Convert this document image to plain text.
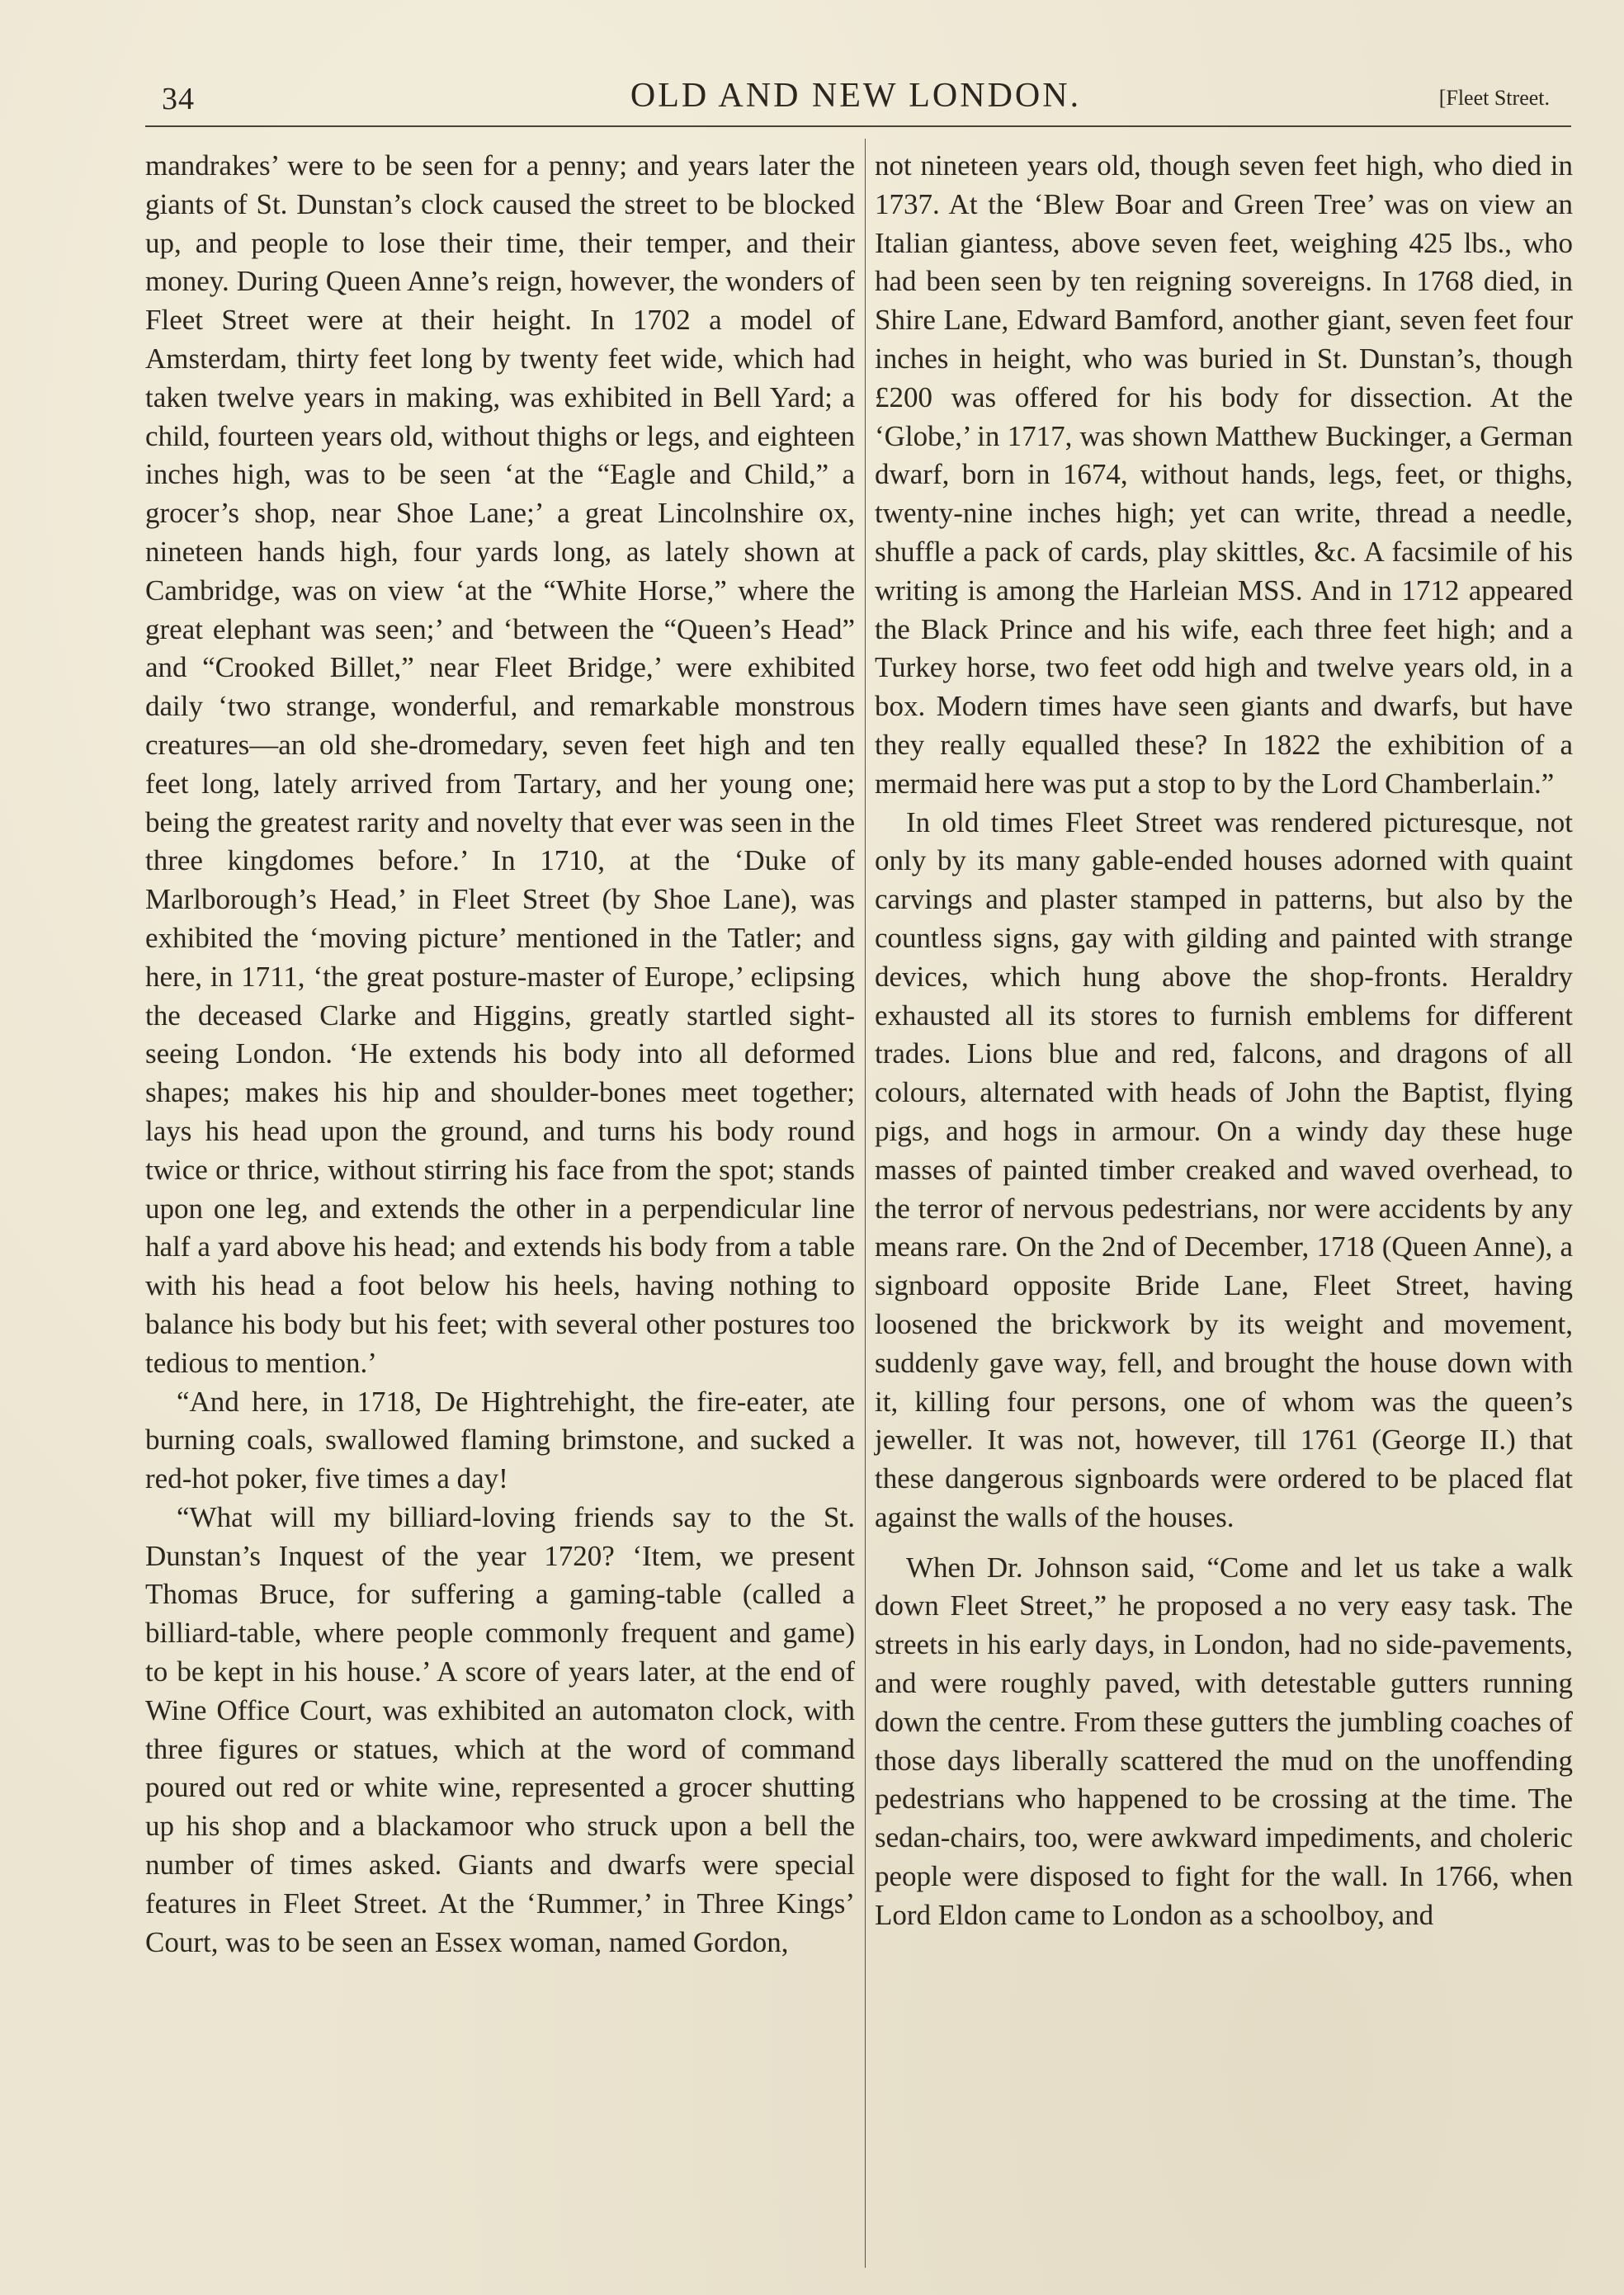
34	OLD AND NEW LONDON.	[Fleet Street.

mandrakes’ were to be seen for a penny; and years later the giants of St. Dunstan’s clock caused the street to be blocked up, and people to lose their time, their temper, and their money. During Queen Anne’s reign, however, the wonders of Fleet Street were at their height. In 1702 a model of Amsterdam, thirty feet long by twenty feet wide, which had taken twelve years in making, was exhibited in Bell Yard; a child, fourteen years old, without thighs or legs, and eighteen inches high, was to be seen ‘at the “Eagle and Child,” a grocer’s shop, near Shoe Lane;’ a great Lincolnshire ox, nineteen hands high, four yards long, as lately shown at Cambridge, was on view ‘at the “White Horse,” where the great elephant was seen;’ and ‘between the “Queen’s Head” and “Crooked Billet,” near Fleet Bridge,’ were exhibited daily ‘two strange, wonderful, and remarkable monstrous creatures—an old she-dromedary, seven feet high and ten feet long, lately arrived from Tartary, and her young one; being the greatest rarity and novelty that ever was seen in the three kingdomes before.’ In 1710, at the ‘Duke of Marlborough’s Head,’ in Fleet Street (by Shoe Lane), was exhibited the ‘moving picture’ mentioned in the Tatler; and here, in 1711, ‘the great posture-master of Europe,’ eclipsing the deceased Clarke and Higgins, greatly startled sight-seeing London. ‘He extends his body into all deformed shapes; makes his hip and shoulder-bones meet together; lays his head upon the ground, and turns his body round twice or thrice, without stirring his face from the spot; stands upon one leg, and extends the other in a perpendicular line half a yard above his head; and extends his body from a table with his head a foot below his heels, having nothing to balance his body but his feet; with several other postures too tedious to mention.’

“And here, in 1718, De Hightrehight, the fire-eater, ate burning coals, swallowed flaming brimstone, and sucked a red-hot poker, five times a day!

“What will my billiard-loving friends say to the St. Dunstan’s Inquest of the year 1720? ‘Item, we present Thomas Bruce, for suffering a gaming-table (called a billiard-table, where people commonly frequent and game) to be kept in his house.’ A score of years later, at the end of Wine Office Court, was exhibited an automaton clock, with three figures or statues, which at the word of command poured out red or white wine, represented a grocer shutting up his shop and a blackamoor who struck upon a bell the number of times asked. Giants and dwarfs were special features in Fleet Street. At the ‘Rummer,’ in Three Kings’ Court, was to be seen an Essex woman, named Gordon,

not nineteen years old, though seven feet high, who died in 1737. At the ‘Blew Boar and Green Tree’ was on view an Italian giantess, above seven feet, weighing 425 lbs., who had been seen by ten reigning sovereigns. In 1768 died, in Shire Lane, Edward Bamford, another giant, seven feet four inches in height, who was buried in St. Dunstan’s, though £200 was offered for his body for dissection. At the ‘Globe,’ in 1717, was shown Matthew Buckinger, a German dwarf, born in 1674, without hands, legs, feet, or thighs, twenty-nine inches high; yet can write, thread a needle, shuffle a pack of cards, play skittles, &c. A facsimile of his writing is among the Harleian MSS. And in 1712 appeared the Black Prince and his wife, each three feet high; and a Turkey horse, two feet odd high and twelve years old, in a box. Modern times have seen giants and dwarfs, but have they really equalled these? In 1822 the exhibition of a mermaid here was put a stop to by the Lord Chamberlain.”

In old times Fleet Street was rendered picturesque, not only by its many gable-ended houses adorned with quaint carvings and plaster stamped in patterns, but also by the countless signs, gay with gilding and painted with strange devices, which hung above the shop-fronts. Heraldry exhausted all its stores to furnish emblems for different trades. Lions blue and red, falcons, and dragons of all colours, alternated with heads of John the Baptist, flying pigs, and hogs in armour. On a windy day these huge masses of painted timber creaked and waved overhead, to the terror of nervous pedestrians, nor were accidents by any means rare. On the 2nd of December, 1718 (Queen Anne), a signboard opposite Bride Lane, Fleet Street, having loosened the brickwork by its weight and movement, suddenly gave way, fell, and brought the house down with it, killing four persons, one of whom was the queen’s jeweller. It was not, however, till 1761 (George II.) that these dangerous signboards were ordered to be placed flat against the walls of the houses.

When Dr. Johnson said, “Come and let us take a walk down Fleet Street,” he proposed a no very easy task. The streets in his early days, in London, had no side-pavements, and were roughly paved, with detestable gutters running down the centre. From these gutters the jumbling coaches of those days liberally scattered the mud on the unoffending pedestrians who happened to be crossing at the time. The sedan-chairs, too, were awkward impediments, and choleric people were disposed to fight for the wall. In 1766, when Lord Eldon came to London as a schoolboy, and
